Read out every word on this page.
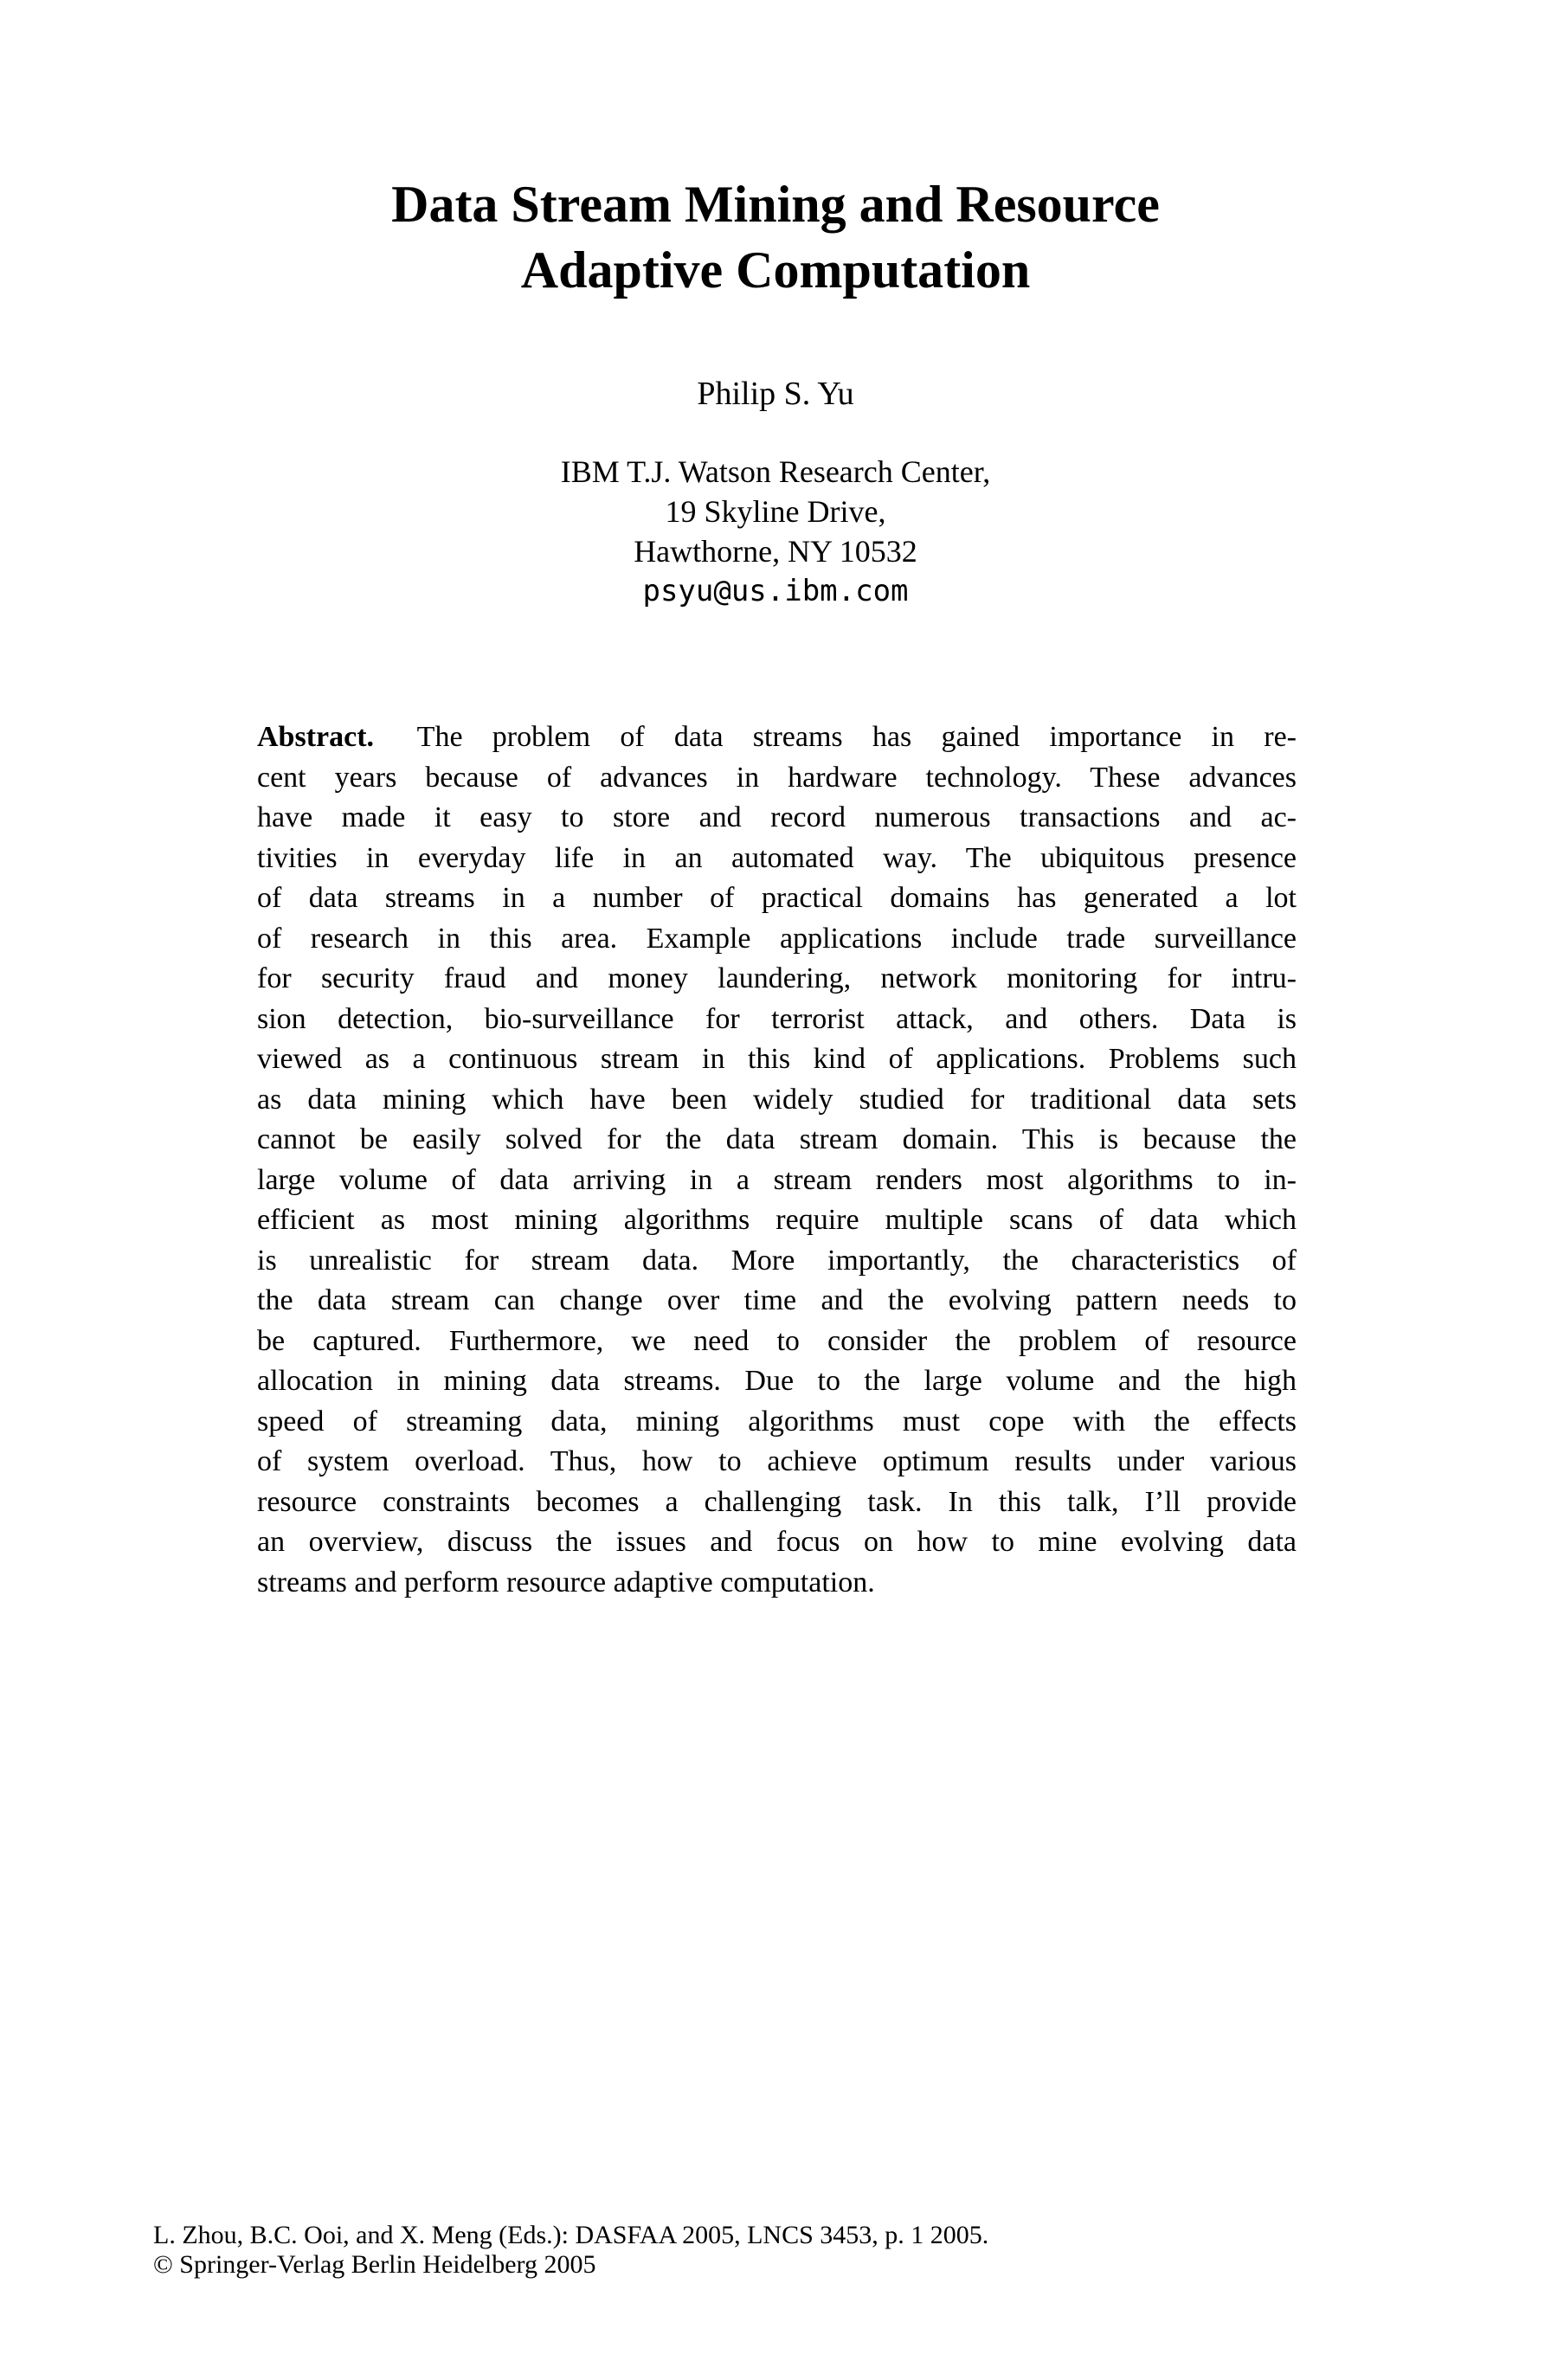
Data Stream Mining and Resource
Adaptive Computation
Philip S. Yu
IBM T.J. Watson Research Center,
19 Skyline Drive,
Hawthorne, NY 10532
psyu@us.ibm.com
Abstract. The problem of data streams has gained importance in re-
cent years because of advances in hardware technology. These advances
have made it easy to store and record numerous transactions and ac-
tivities in everyday life in an automated way. The ubiquitous presence
of data streams in a number of practical domains has generated a lot
of research in this area. Example applications include trade surveillance
for security fraud and money laundering, network monitoring for intru-
sion detection, bio-surveillance for terrorist attack, and others. Data is
viewed as a continuous stream in this kind of applications. Problems such
as data mining which have been widely studied for traditional data sets
cannot be easily solved for the data stream domain. This is because the
large volume of data arriving in a stream renders most algorithms to in-
efficient as most mining algorithms require multiple scans of data which
is unrealistic for stream data. More importantly, the characteristics of
the data stream can change over time and the evolving pattern needs to
be captured. Furthermore, we need to consider the problem of resource
allocation in mining data streams. Due to the large volume and the high
speed of streaming data, mining algorithms must cope with the effects
of system overload. Thus, how to achieve optimum results under various
resource constraints becomes a challenging task. In this talk, I’ll provide
an overview, discuss the issues and focus on how to mine evolving data
streams and perform resource adaptive computation.
L. Zhou, B.C. Ooi, and X. Meng (Eds.): DASFAA 2005, LNCS 3453, p. 1 2005.
© Springer-Verlag Berlin Heidelberg 2005
